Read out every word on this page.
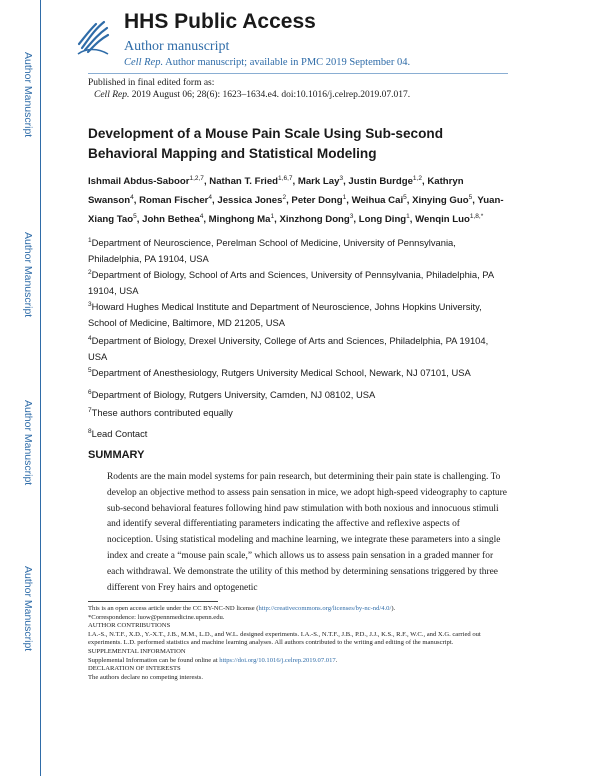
Author Manuscript
Author Manuscript
Author Manuscript
Author Manuscript
HHS Public Access
Author manuscript
Cell Rep. Author manuscript; available in PMC 2019 September 04.
Published in final edited form as:
Cell Rep. 2019 August 06; 28(6): 1623–1634.e4. doi:10.1016/j.celrep.2019.07.017.
Development of a Mouse Pain Scale Using Sub-second Behavioral Mapping and Statistical Modeling
Ishmail Abdus-Saboor$^{1,2,7}$, Nathan T. Fried$^{1,6,7}$, Mark Lay$^3$, Justin Burdge$^{1,2}$, Kathryn Swanson$^4$, Roman Fischer$^4$, Jessica Jones$^2$, Peter Dong$^1$, Weihua Cai$^5$, Xinying Guo$^5$, Yuan-Xiang Tao$^5$, John Bethea$^4$, Minghong Ma$^1$, Xinzhong Dong$^3$, Long Ding$^1$, Wenqin Luo$^{1,8,*}$
$^1$Department of Neuroscience, Perelman School of Medicine, University of Pennsylvania, Philadelphia, PA 19104, USA
$^2$Department of Biology, School of Arts and Sciences, University of Pennsylvania, Philadelphia, PA 19104, USA
$^3$Howard Hughes Medical Institute and Department of Neuroscience, Johns Hopkins University, School of Medicine, Baltimore, MD 21205, USA
$^4$Department of Biology, Drexel University, College of Arts and Sciences, Philadelphia, PA 19104, USA
$^5$Department of Anesthesiology, Rutgers University Medical School, Newark, NJ 07101, USA
$^6$Department of Biology, Rutgers University, Camden, NJ 08102, USA
$^7$These authors contributed equally
$^8$Lead Contact
SUMMARY
Rodents are the main model systems for pain research, but determining their pain state is challenging. To develop an objective method to assess pain sensation in mice, we adopt high-speed videography to capture sub-second behavioral features following hind paw stimulation with both noxious and innocuous stimuli and identify several differentiating parameters indicating the affective and reflexive aspects of nociception. Using statistical modeling and machine learning, we integrate these parameters into a single index and create a “mouse pain scale,” which allows us to assess pain sensation in a graded manner for each withdrawal. We demonstrate the utility of this method by determining sensations triggered by three different von Frey hairs and optogenetic
This is an open access article under the CC BY-NC-ND license (http://creativecommons.org/licenses/by-nc-nd/4.0/).
*Correspondence: luow@pennmedicine.upenn.edu.
AUTHOR CONTRIBUTIONS
I.A.-S., N.T.F., X.D., Y.-X.T., J.B., M.M., L.D., and W.L. designed experiments. I.A.-S., N.T.F., J.B., P.D., J.J., K.S., R.F., W.C., and X.G. carried out experiments. L.D. performed statistics and machine learning analyses. All authors contributed to the writing and editing of the manuscript.
SUPPLEMENTAL INFORMATION
Supplemental Information can be found online at https://doi.org/10.1016/j.celrep.2019.07.017.
DECLARATION OF INTERESTS
The authors declare no competing interests.
